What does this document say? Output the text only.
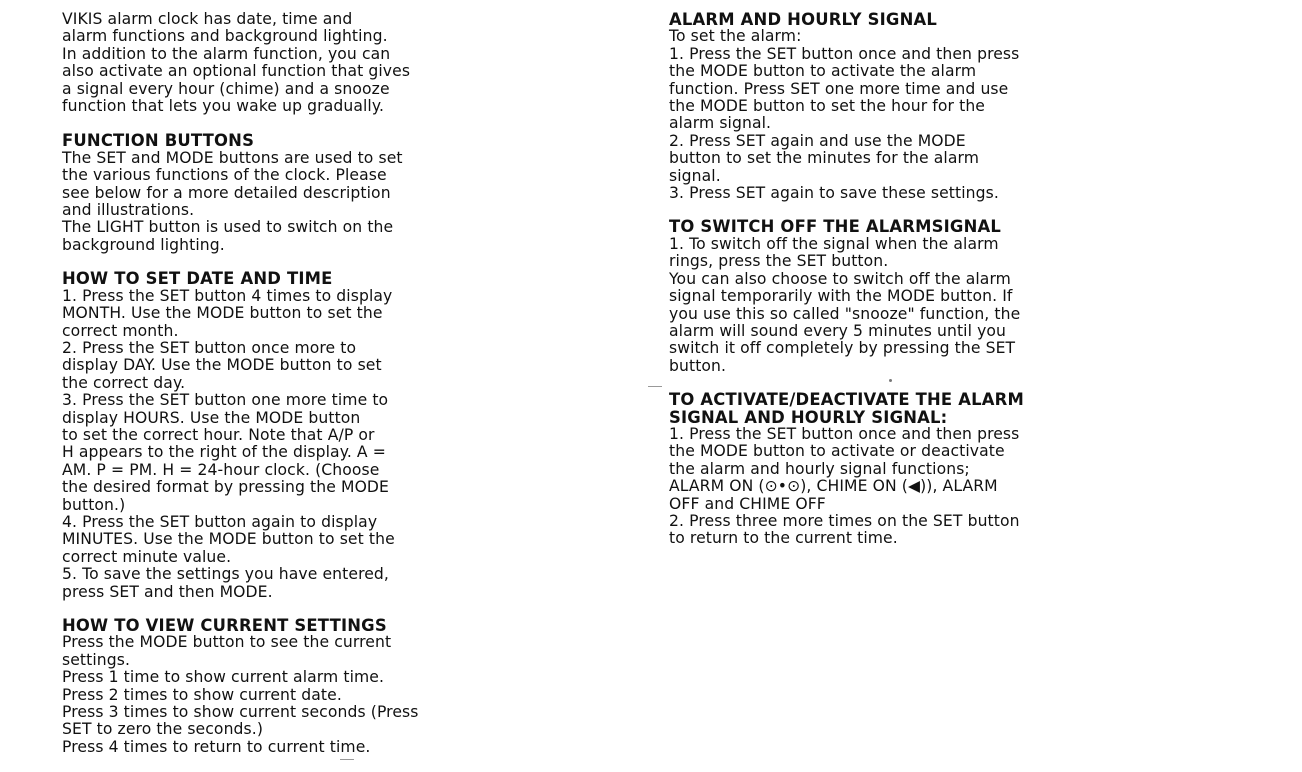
VIKIS alarm clock has date, time and
alarm functions and background lighting.
In addition to the alarm function, you can
also activate an optional function that gives
a signal every hour (chime) and a snooze
function that lets you wake up gradually.
FUNCTION BUTTONS
The SET and MODE buttons are used to set
the various functions of the clock. Please
see below for a more detailed description
and illustrations.
The LIGHT button is used to switch on the
background lighting.
HOW TO SET DATE AND TIME
1. Press the SET button 4 times to display
MONTH. Use the MODE button to set the
correct month.
2. Press the SET button once more to
display DAY. Use the MODE button to set
the correct day.
3. Press the SET button one more time to
display HOURS. Use the MODE button
to set the correct hour. Note that A/P or
H appears to the right of the display. A =
AM. P = PM. H = 24-hour clock. (Choose
the desired format by pressing the MODE
button.)
4. Press the SET button again to display
MINUTES. Use the MODE button to set the
correct minute value.
5. To save the settings you have entered,
press SET and then MODE.
HOW TO VIEW CURRENT SETTINGS
Press the MODE button to see the current
settings.
Press 1 time to show current alarm time.
Press 2 times to show current date.
Press 3 times to show current seconds (Press
SET to zero the seconds.)
Press 4 times to return to current time.
ALARM AND HOURLY SIGNAL
To set the alarm:
1. Press the SET button once and then press
the MODE button to activate the alarm
function. Press SET one more time and use
the MODE button to set the hour for the
alarm signal.
2. Press SET again and use the MODE
button to set the minutes for the alarm
signal.
3. Press SET again to save these settings.
TO SWITCH OFF THE ALARMSIGNAL
1. To switch off the signal when the alarm
rings, press the SET button.
You can also choose to switch off the alarm
signal temporarily with the MODE button. If
you use this so called "snooze" function, the
alarm will sound every 5 minutes until you
switch it off completely by pressing the SET
button.
TO ACTIVATE/DEACTIVATE THE ALARM
SIGNAL AND HOURLY SIGNAL:
1. Press the SET button once and then press
the MODE button to activate or deactivate
the alarm and hourly signal functions;
ALARM ON (⊙•⊙), CHIME ON (◀)), ALARM
OFF and CHIME OFF
2. Press three more times on the SET button
to return to the current time.
